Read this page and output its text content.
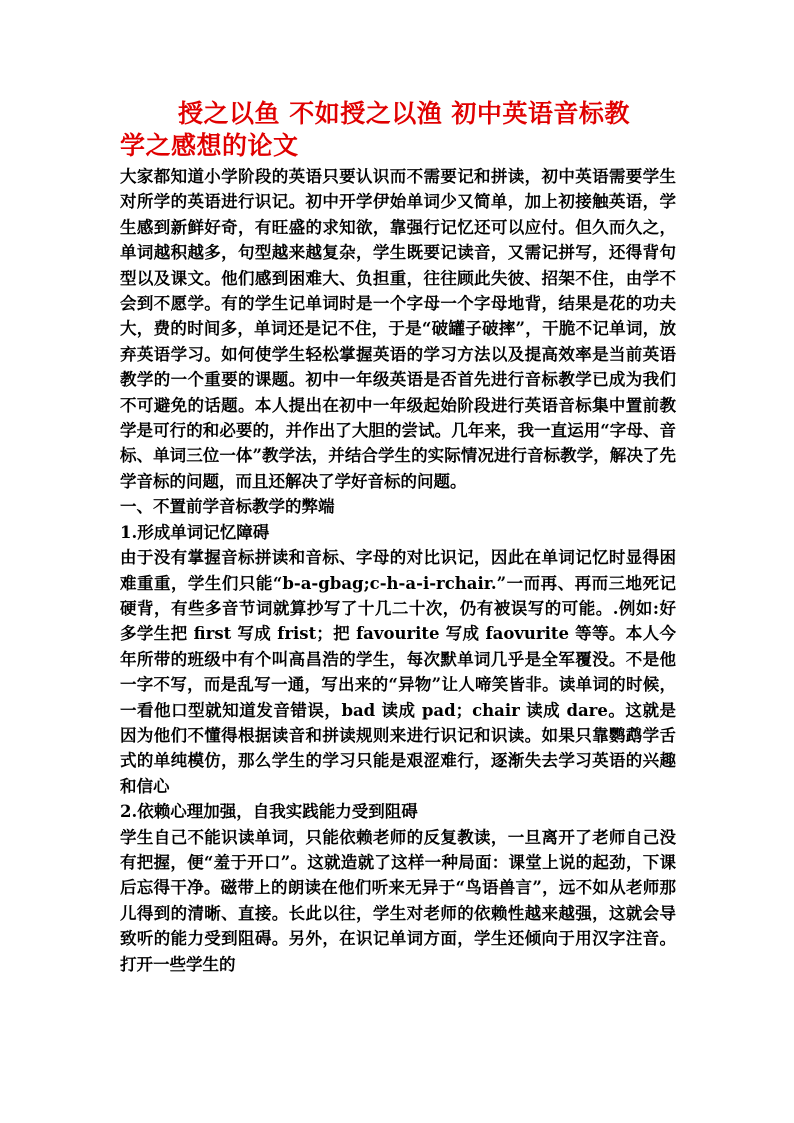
授之以鱼 不如授之以渔 初中英语音标教
学之感想的论文

大家都知道小学阶段的英语只要认识而不需要记和拼读，初中英语需要学生对所学的英语进行识记。初中开学伊始单词少又简单，加上初接触英语，学生感到新鲜好奇，有旺盛的求知欲，靠强行记忆还可以应付。但久而久之，单词越积越多，句型越来越复杂，学生既要记读音，又需记拼写，还得背句型以及课文。他们感到困难大、负担重，往往顾此失彼、招架不住，由学不会到不愿学。有的学生记单词时是一个字母一个字母地背，结果是花的功夫大，费的时间多，单词还是记不住，于是“破罐子破摔”，干脆不记单词，放弃英语学习。如何使学生轻松掌握英语的学习方法以及提高效率是当前英语教学的一个重要的课题。初中一年级英语是否首先进行音标教学已成为我们不可避免的话题。本人提出在初中一年级起始阶段进行英语音标集中置前教学是可行的和必要的，并作出了大胆的尝试。几年来，我一直运用“字母、音标、单词三位一体”教学法，并结合学生的实际情况进行音标教学，解决了先学音标的问题，而且还解决了学好音标的问题。

一、不置前学音标教学的弊端

1.形成单词记忆障碍

由于没有掌握音标拼读和音标、字母的对比识记，因此在单词记忆时显得困难重重，学生们只能“b-a-gbag;c-h-a-i-rchair.”一而再、再而三地死记硬背，有些多音节词就算抄写了十几二十次，仍有被误写的可能。.例如:好多学生把 first 写成 frist；把 favourite 写成 faovurite 等等。本人今年所带的班级中有个叫高昌浩的学生，每次默单词几乎是全军覆没。不是他一字不写，而是乱写一通，写出来的“异物”让人啼笑皆非。读单词的时候，一看他口型就知道发音错误，bad 读成 pad；chair 读成 dare。这就是因为他们不懂得根据读音和拼读规则来进行识记和识读。如果只靠鹦鹉学舌式的单纯模仿，那么学生的学习只能是艰涩难行，逐渐失去学习英语的兴趣和信心

2.依赖心理加强，自我实践能力受到阻碍

学生自己不能识读单词，只能依赖老师的反复教读，一旦离开了老师自己没有把握，便“羞于开口”。这就造就了这样一种局面：课堂上说的起劲，下课后忘得干净。磁带上的朗读在他们听来无异于“鸟语兽言”，远不如从老师那儿得到的清晰、直接。长此以往，学生对老师的依赖性越来越强，这就会导致听的能力受到阻碍。另外，在识记单词方面，学生还倾向于用汉字注音。打开一些学生的
